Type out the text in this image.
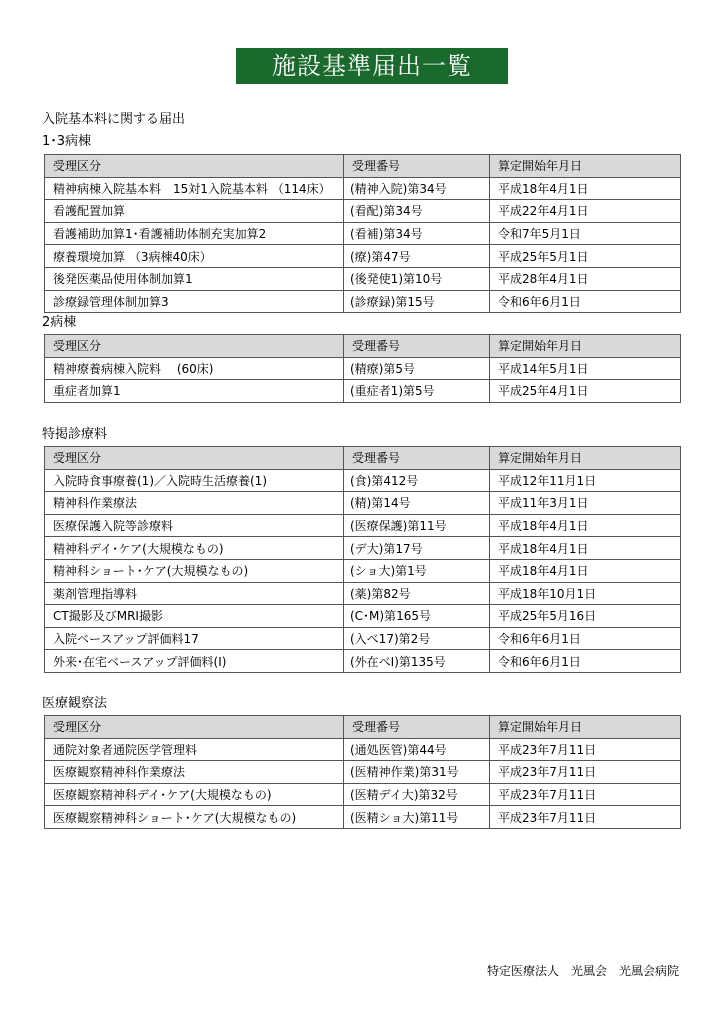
施設基準届出一覧
入院基本料に関する届出
1･3病棟
受理区分	受理番号	算定開始年月日
精神病棟入院基本料　15対1入院基本料 （114床）	(精神入院)第34号	平成18年4月1日
看護配置加算	(看配)第34号	平成22年4月1日
看護補助加算1･看護補助体制充実加算2	(看補)第34号	令和7年5月1日
療養環境加算 （3病棟40床）	(療)第47号	平成25年5月1日
後発医薬品使用体制加算1	(後発使1)第10号	平成28年4月1日
診療録管理体制加算3	(診療録)第15号	令和6年6月1日
2病棟
受理区分	受理番号	算定開始年月日
精神療養病棟入院料　 (60床)	(精療)第5号	平成14年5月1日
重症者加算1	(重症者1)第5号	平成25年4月1日
特掲診療料
受理区分	受理番号	算定開始年月日
入院時食事療養(1)／入院時生活療養(1)	(食)第412号	平成12年11月1日
精神科作業療法	(精)第14号	平成11年3月1日
医療保護入院等診療料	(医療保護)第11号	平成18年4月1日
精神科デイ･ケア(大規模なもの)	(デ大)第17号	平成18年4月1日
精神科ショート･ケア(大規模なもの)	(ショ大)第1号	平成18年4月1日
薬剤管理指導料	(薬)第82号	平成18年10月1日
CT撮影及びMRI撮影	(C･M)第165号	平成25年5月16日
入院ベースアップ評価料17	(入べ17)第2号	令和6年6月1日
外来･在宅ベースアップ評価料(Ⅰ)	(外在べⅠ)第135号	令和6年6月1日
医療観察法
受理区分	受理番号	算定開始年月日
通院対象者通院医学管理料	(通処医管)第44号	平成23年7月11日
医療観察精神科作業療法	(医精神作業)第31号	平成23年7月11日
医療観察精神科デイ･ケア(大規模なもの)	(医精デイ大)第32号	平成23年7月11日
医療観察精神科ショート･ケア(大規模なもの)	(医精ショ大)第11号	平成23年7月11日
特定医療法人　光風会　光風会病院
